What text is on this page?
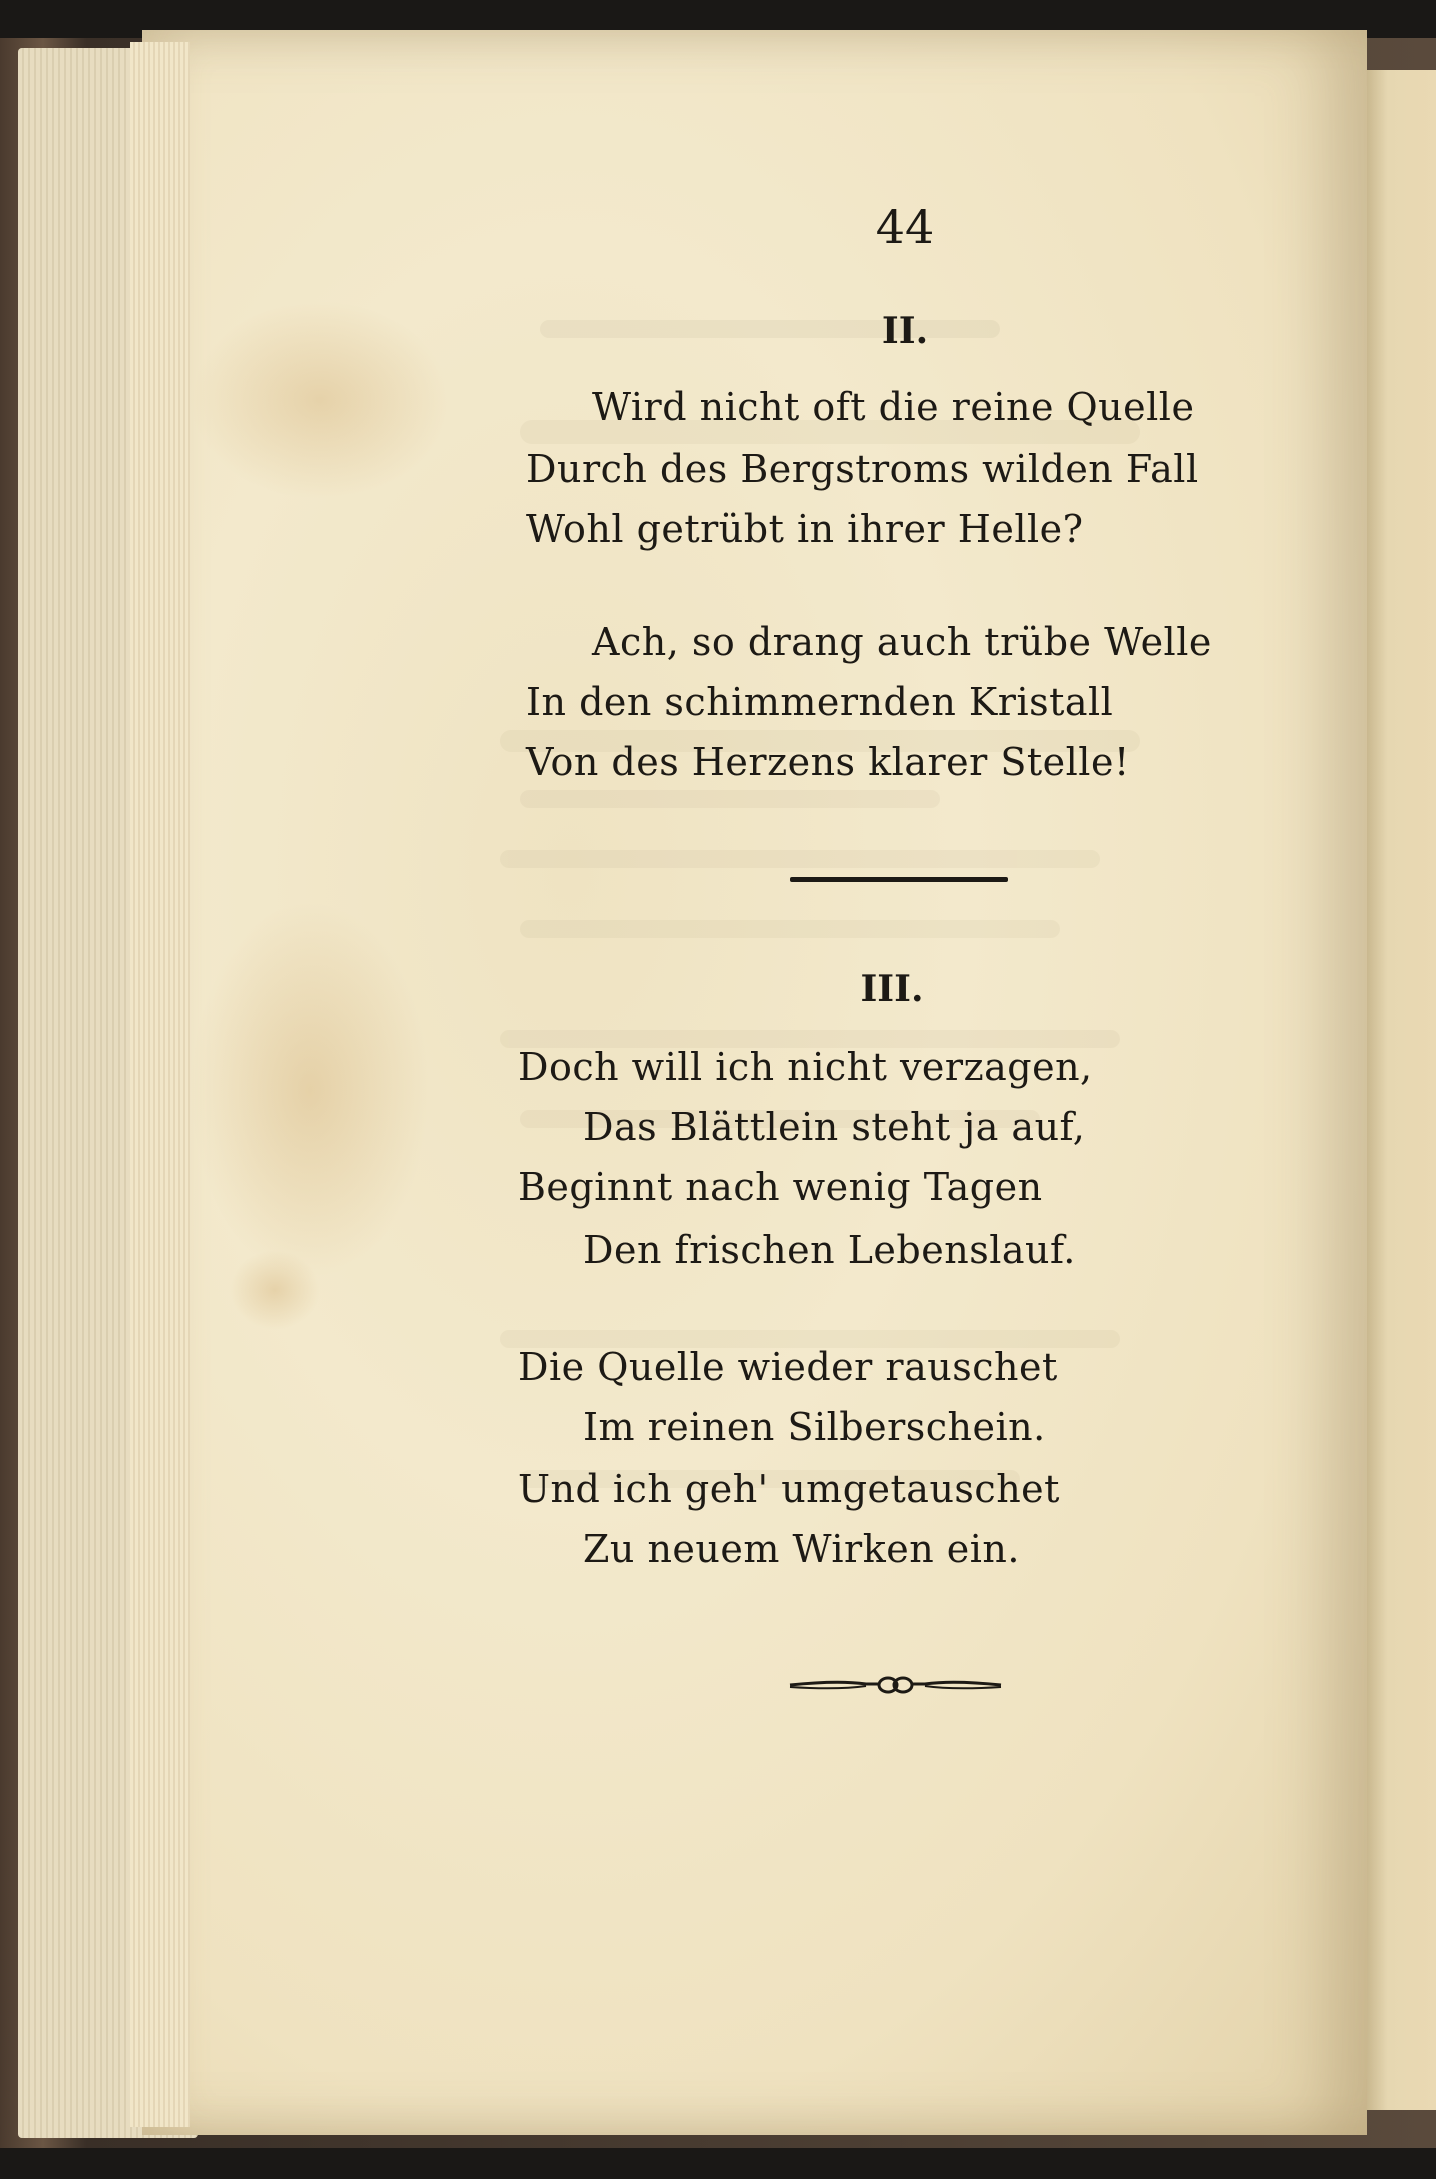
44
II.
Wird nicht oft die reine Quelle
Durch des Bergstroms wilden Fall
Wohl getrübt in ihrer Helle?
Ach, so drang auch trübe Welle
In den schimmernden Kristall
Von des Herzens klarer Stelle!
III.
Doch will ich nicht verzagen,
Das Blättlein steht ja auf,
Beginnt nach wenig Tagen
Den frischen Lebenslauf.
Die Quelle wieder rauschet
Im reinen Silberschein.
Und ich geh' umgetauschet
Zu neuem Wirken ein.
